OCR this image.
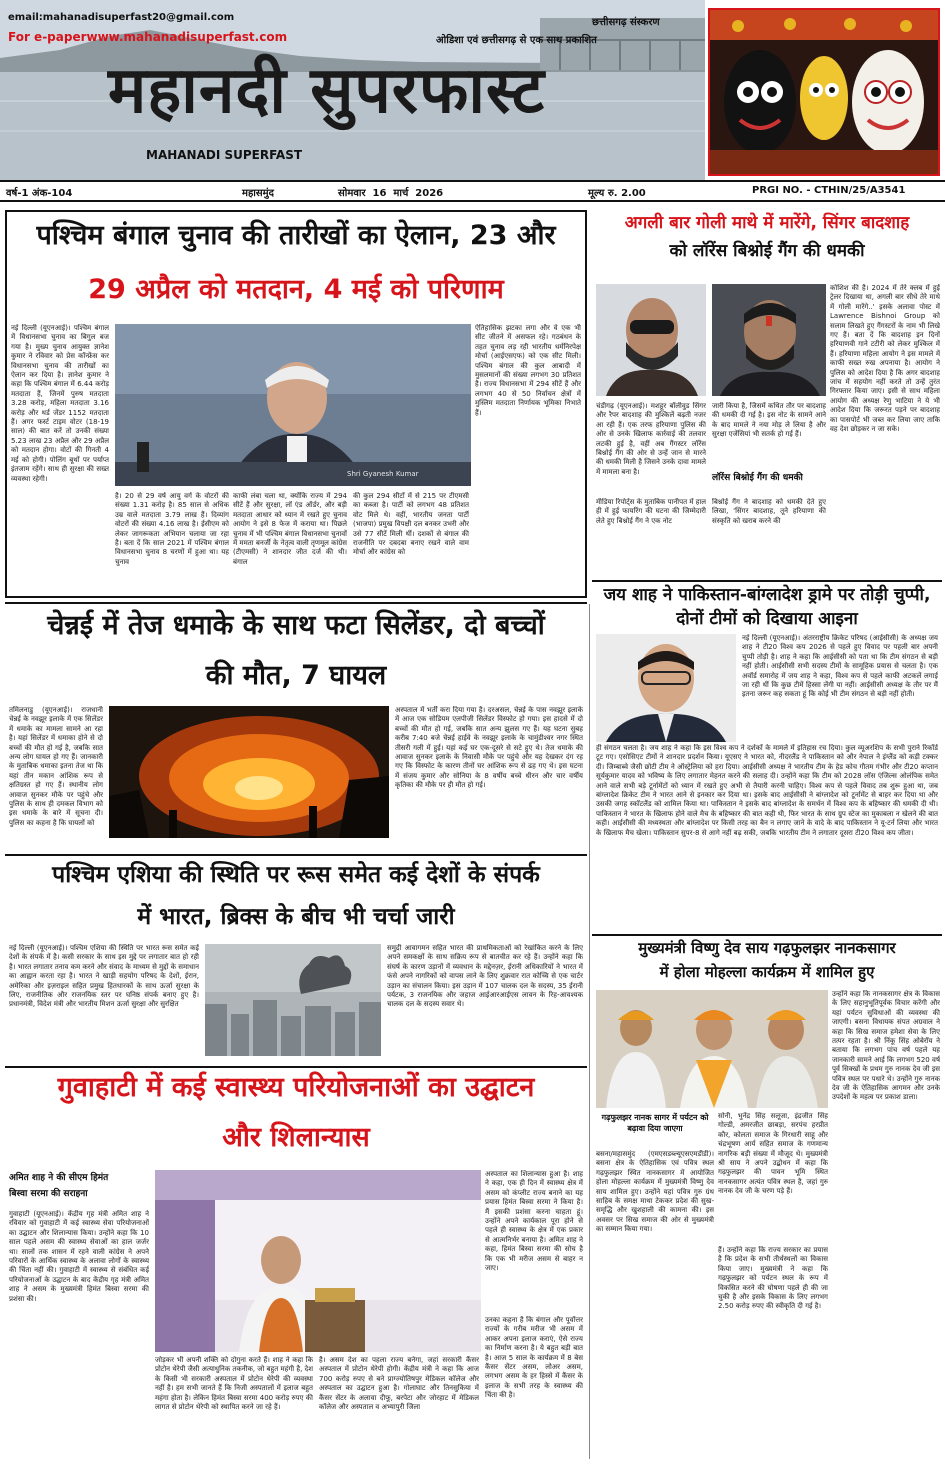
email:mahanadisuperfast20@gmail.com
For e-paperwww.mahanadisuperfast.com
छत्तीसगढ़ संस्करण
ओडिशा एवं छत्तीसगढ़ से एक साथ प्रकाशित
महानदी सुपरफास्ट
MAHANADI SUPERFAST
वर्ष-1 अंक-104	महासमुंद	सोमवार  16  मार्च  2026	मूल्य रु. 2.00	PRGI NO. - CTHIN/25/A3541
पश्चिम बंगाल चुनाव की तारीखों का ऐलान, 23 और
29 अप्रैल को मतदान, 4 मई को परिणाम
नई दिल्ली (यूएनआई)। पश्चिम बंगाल में विधानसभा चुनाव का बिगुल बज गया है। मुख्य चुनाव आयुक्त ज्ञानेश कुमार ने रविवार को प्रेस कॉन्फ्रेंस कर विधानसभा चुनाव की तारीखों का ऐलान कर दिया है। ज्ञानेश कुमार ने कहा कि पश्चिम बंगाल में 6.44 करोड़ मतदाता हैं, जिनमें पुरुष मतदाता 3.28 करोड़, महिला मतदाता 3.16 करोड़ और थर्ड जेंडर 1152 मतदाता हैं। अगर फर्स्ट टाइम वोटर (18-19 साल) की बात करें तो उनकी संख्या 5.23 लाख 23 अप्रैल और 29 अप्रैल को मतदान होगा। वोटों की गिनती 4 मई को होगी। पोलिंग बूथों पर पर्याप्त इंतजाम रहेंगे। साथ ही सुरक्षा की सख्त व्यवस्था रहेगी।
Shri Gyanesh Kumar
है। 20 से 29 वर्ष आयु वर्ग के वोटरों की संख्या 1.31 करोड़ है। 85 साल से अधिक उम्र वाले मतदाता 3.79 लाख हैं। दिव्यांग वोटरों की संख्या 4.16 लाख है। ईसीएम को लेकर जागरूकता अभियान चलाया जा रहा है। बता दें कि साल 2021 में पश्चिम बंगाल विधानसभा चुनाव 8 चरणों में हुआ था। यह चुनाव
काफी लंबा चला था, क्योंकि राज्य में 294 सीटें हैं और सुरक्षा, लॉ एंड ऑर्डर, और बड़ी मतदाता आधार को ध्यान में रखते हुए चुनाव आयोग ने इसे 8 फेज में कराया था। पिछले चुनाव में भी पश्चिम बंगाल विधानसभा चुनावों में ममता बनर्जी के नेतृत्व वाली तृणमूल कांग्रेस (टीएमसी) ने शानदार जीत दर्ज की थी। बंगाल
की कुल 294 सीटों में से 215 पर टीएमसी का कब्जा है। पार्टी को लगभग 48 प्रतिशत वोट मिले थे। वहीं, भारतीय जनता पार्टी (भाजपा) प्रमुख विपक्षी दल बनकर उभरी और उसे 77 सीटें मिली थीं। दशकों से बंगाल की राजनीति पर दबदबा बनाए रखने वाले वाम मोर्चा और कांग्रेस को
ऐतिहासिक झटका लगा और वे एक भी सीट जीतने में असफल रहे। गठबंधन के तहत चुनाव लड़ रही भारतीय धर्मनिरपेक्ष मोर्चा (आईएसएफ) को एक सीट मिली। पश्चिम बंगाल की कुल आबादी में मुसलमानों की संख्या लगभग 30 प्रतिशत है। राज्य विधानसभा में 294 सीटें हैं और लगभग 40 से 50 निर्वाचन क्षेत्रों में मुस्लिम मतदाता निर्णायक भूमिका निभाते हैं।
अगली बार गोली माथे में मारेंगे, सिंगर बादशाह
को लॉरेंस बिश्नोई गैंग की धमकी
कोशिश की है। 2024 में तेरे क्लब में हुई ट्रेलर दिखाया था, अगली बार सीधे तेरे माथे में गोली मारेंगे..' इसके अलावा पोस्ट में Lawrence Bishnoi Group को सलाम लिखते हुए गैंगस्टरों के नाम भी लिखे गए हैं। बता दें कि बादशाह इन दिनों हरियाणवी गाने टटीरी को लेकर मुश्किल में हैं। हरियाणा महिला आयोग ने इस मामले में काफी सख्त रुख अपनाया है। आयोग ने पुलिस को आदेश दिया है कि अगर बादशाह जांच में सहयोग नहीं करते तो उन्हें तुरंत गिरफ्तार किया जाए। इसी से साथ महिला आयोग की अध्यक्ष रेणु भाटिया ने ये भी आदेश दिया कि जरूरत पड़ने पर बादशाह का पासपोर्ट भी जब्त कर लिया जाए ताकि वह देश छोड़कर न जा सके।
चंडीगढ़ (यूएनआई)। मशहूर बॉलीवुड सिंगर और रैपर बादशाह की मुश्किलें बढ़ती नजर आ रही हैं। एक तरफ हरियाणा पुलिस की ओर से उनके खिलाफ कार्रवाई की तलवार लटकी हुई है, वहीं अब गैंगस्टर लॉरेंस बिश्नोई गैंग की ओर से उन्हें जान से मारने की धमकी मिली है जिसने उनके दावा मामले में मामला बना है।
जारी किया है, जिसमें कथित तौर पर बादशाह की धमकी दी गई है। इस नोट के सामने आने के बाद मामले ने नया मोड़ ले लिया है और सुरक्षा एजेंसियां भी सतर्क हो गई हैं।
लॉरेंस बिश्नोई गैंग की धमकी
मीडिया रिपोर्ट्स के मुताबिक पानीपत में हाल ही में हुई फायरिंग की घटना की जिम्मेदारी लेते हुए बिश्नोई गैंग ने एक नोट
बिश्नोई गैंग ने बादशाह को धमकी देते हुए लिखा, 'सिंगर बादशाह, तूने हरियाणा की संस्कृति को खराब करने की
जय शाह ने पाकिस्तान-बांग्लादेश ड्रामे पर तोड़ी चुप्पी,
दोनों टीमों को दिखाया आइना
नई दिल्ली (यूएनआई)। अंतरराष्ट्रीय क्रिकेट परिषद (आईसीसी) के अध्यक्ष जय शाह ने टी20 विश्व कप 2026 से पहले हुए विवाद पर पहली बार अपनी चुप्पी तोड़ी है। शाह ने कहा कि आईसीसी को पता था कि टीम संगठन से बड़ी नहीं होती। आईसीसी सभी सदस्य टीमों के सामूहिक प्रयास से चलता है। एक अवॉर्ड समारोह में जय शाह ने कहा, विश्व कप से पहले काफी अटकलें लगाई जा रही थीं कि कुछ टीमें हिस्सा लेंगी या नहीं। आईसीसी अध्यक्ष के तौर पर मैं इतना जरूर कह सकता हूं कि कोई भी टीम संगठन से बड़ी नहीं होती।
ही संगठन चलता है। जय शाह ने कहा कि इस विश्व कप ने दर्शकों के मामले में इतिहास रच दिया। कुल व्यूअरशिप के सभी पुराने रिकॉर्ड टूट गए। एसोसिएट टीमों ने शानदार प्रदर्शन किया। यूएसए ने भारत को, नीदरलैंड ने पाकिस्तान को और नेपाल ने इंग्लैंड को कड़ी टक्कर दी। जिम्बाब्वे जैसी छोटी टीम ने ऑस्ट्रेलिया को हरा दिया। आईसीसी अध्यक्ष ने भारतीय टीम के हेड कोच गौतम गंभीर और टी20 कप्तान सूर्यकुमार यादव को भविष्य के लिए लगातार मेहनत करने की सलाह दी। उन्होंने कहा कि टीम को 2028 लॉस एंजिल्स ओलंपिक समेत आने वाले सभी बड़े टूर्नामेंटों को ध्यान में रखते हुए अभी से तैयारी करनी चाहिए। विश्व कप से पहले विवाद तब शुरू हुआ था, जब बांग्लादेश क्रिकेट टीम ने भारत आने से इनकार कर दिया था। इसके बाद आईसीसी ने बांग्लादेश को टूर्नामेंट से बाहर कर दिया था और उसकी जगह स्कॉटलैंड को शामिल किया था। पाकिस्तान ने इसके बाद बांग्लादेश के समर्थन में विश्व कप के बहिष्कार की धमकी दी थी। पाकिस्तान ने भारत के खिलाफ होने वाले मैच के बहिष्कार की बात कही थी, फिर भारत के साथ ग्रुप स्टेज का मुकाबला न खेलने की बात कही। आईसीसी की मध्यस्थता और बांग्लादेश पर किसी तरह का बैन न लगाए जाने के वादे के बाद पाकिस्तान ने यू-टर्न लिया और भारत के खिलाफ मैच खेला। पाकिस्तान सुपर-8 से आगे नहीं बढ़ सकी, जबकि भारतीय टीम ने लगातार दूसरा टी20 विश्व कप जीता।
चेन्नई में तेज धमाके के साथ फटा सिलेंडर, दो बच्चों
की मौत, 7 घायल
तमिलनाडु (यूएनआई)। राजधानी चेन्नई के नवझूर इलाके में एक सिलेंडर में धमाके का मामला सामने आ रहा है। यहां सिलेंडर में धमाका होने से दो बच्चों की मौत हो गई है, जबकि सात अन्य लोग घायल हो गए हैं। जानकारी के मुताबिक धमाका इतना तेज था कि यहां तीन मकान आंशिक रूप से क्षतिग्रस्त हो गए हैं। स्थानीय लोग आवाज सुनकर मौके पर पहुंचे और पुलिस के साथ ही दमकल विभाग को इस धमाके के बारे में सूचना दी। पुलिस का कहना है कि घायलों को
अस्पताल में भर्ती करा दिया गया है। दरअसल, चेन्नई के पास नवझूर इलाके में आज एक सोडियम एलपीजी सिलेंडर विस्फोट हो गया। इस हादसे में दो बच्चों की मौत हो गई, जबकि सात अन्य झुलस गए हैं। यह घटना सुबह करीब 7:40 बजे चेन्नई हाईवे के नवझूर इलाके के चामुंडीश्वर नगर स्थित तीसरी गली में हुई। यहां कई घर एक-दूसरे से सटे हुए थे। तेज धमाके की आवाज सुनकर इलाके के निवासी मौके पर पहुंचे और यह देखकर दंग रह गए कि विस्फोट के कारण तीनों घर आंशिक रूप से ढह गए थे। इस घटना में संजय कुमार और सोनिया के 8 वर्षीय बच्चे धीरन और चार वर्षीय कृतिका की मौके पर ही मौत हो गई।
पश्चिम एशिया की स्थिति पर रूस समेत कई देशों के संपर्क
में भारत, ब्रिक्स के बीच भी चर्चा जारी
नई दिल्ली (यूएनआई)। पश्चिम एशिया की स्थिति पर भारत रूस समेत कई देशों के संपर्क में है। कसी सरकार के साथ इस मुद्दे पर लगातार बात हो रही है। भारत लगातार तनाव कम करने और संवाद के माध्यम से मुद्दों के समाधान का आह्वान करता रहा है। भारत ने खाड़ी सहयोग परिषद के देशों, ईरान, अमेरिका और इज़राइल सहित प्रमुख हितधारकों के साथ ऊर्जा सुरक्षा के लिए, राजनीतिक और राजनयिक स्तर पर घनिष्ठ संपर्क बनाए हुए है। प्रधानमंत्री, विदेश मंत्री और भारतीय मिशन ऊर्जा सुरक्षा और सुरक्षित
समुद्री आवागमन सहित भारत की प्राथमिकताओं को रेखांकित करने के लिए अपने समकक्षों के साथ सक्रिय रूप से बातचीत कर रहे हैं। उन्होंने कहा कि संघर्ष के कारण उड़ानों में व्यवधान के मद्देनज़र, ईरानी अधिकारियों ने भारत में फंसे अपने नागरिकों को वापस लाने के लिए शुक्रवार रात कोच्चि से एक चार्टर उड़ान का संचालन किया। इस उड़ान में 107 चालक दल के सदस्य, 35 ईरानी पर्यटक, 3 राजनयिक और जहाज आईआरआईएस लावन के रिह-आवश्यक चालक दल के सदस्य सवार थे।
मुख्यमंत्री विष्णु देव साय गढ़फुलझर नानकसागर
में होला मोहल्ला कार्यक्रम में शामिल हुए
गढ़फुलझर नानक सागर में पर्यटन को बढ़ावा दिया जाएगा
सोनी, भुनेंद्र सिंह सलूजा, इंद्रजीत सिंह गोल्डी, अमरजीत छाबड़ा, सरपंच हरप्रीत कौर, कोलता समाज के गिरधारी साहू और चंद्रभूषण आर्य सहित समाज के गणमान्य नागरिक बड़ी संख्या में मौजूद थे। मुख्यमंत्री श्री साय ने अपने उद्बोधन में कहा कि गढ़फुलझर की पावन भूमि स्थित नानकसागर अत्यंत पवित्र स्थल है, जहां गुरु नानक देव जी के चरण पड़े हैं।
उन्होंने कहा कि नानकसागर क्षेत्र के विकास के लिए सहानुभूतिपूर्वक विचार करेंगी और यहां पर्यटन सुविधाओं की व्यवस्था की जाएगी। बसना विधायक संपत अग्रवाल ने कहा कि सिख समाज हमेशा सेवा के लिए तत्पर रहता है। श्री निंकू सिंह ओबेरॉय ने बताया कि लगभग पांच वर्ष पहले यह जानकारी सामने आई कि लगभग 520 वर्ष पूर्व सिक्खों के प्रथम गुरु नानक देव जी इस पवित्र स्थल पर पधारे थे। उन्होंने गुरु नानक देव जी के ऐतिहासिक आगमन और उनके उपदेशों के महत्व पर प्रकाश डाला।
बसना/महासमुंद (एमएसडब्ल्यूएसएमडीडी)। बसना क्षेत्र के ऐतिहासिक एवं पवित्र स्थल गढ़फुलझर स्थित नानकसागर में आयोजित होला मोहल्ला कार्यक्रम में मुख्यमंत्री विष्णु देव साय शामिल हुए। उन्होंने यहां पवित्र गुरु ग्रंथ साहिब के समक्ष माथा टेककर प्रदेश की सुख-समृद्धि और खुशहाली की कामना की। इस अवसर पर सिख समाज की ओर से मुख्यमंत्री का सम्मान किया गया।
हैं। उन्होंने कहा कि राज्य सरकार का प्रयास है कि प्रदेश के सभी तीर्थस्थलों का विकास किया जाए। मुख्यमंत्री ने कहा कि गढ़फुलझर को पर्यटन स्थल के रूप में विकसित करने की घोषणा पहले ही की जा चुकी है और इसके विकास के लिए लगभग 2.50 करोड़ रुपए की स्वीकृति दी गई है।
गुवाहाटी में कई स्वास्थ्य परियोजनाओं का उद्घाटन
और शिलान्यास
अमित शाह ने की सीएम हिमंत
बिस्वा सरमा की सराहना
गुवाहाटी (यूएनआई)। केंद्रीय गृह मंत्री अमित शाह ने रविवार को गुवाहाटी में कई स्वास्थ्य सेवा परियोजनाओं का उद्घाटन और शिलान्यास किया। उन्होंने कहा कि 10 साल पहले असम की स्वास्थ्य सेवाओं का हाल जर्जर था। सालों तक शासन में रहने वाली कांग्रेस ने अपने परिवारों के आर्थिक स्वास्थ्य के अलावा लोगों के स्वास्थ्य की चिंता नहीं की। गुवाहाटी में स्वास्थ्य से संबंधित कई परियोजनाओं के उद्घाटन के बाद केंद्रीय गृह मंत्री अमित शाह ने असम के मुख्यमंत्री हिमंत बिस्वा सरमा की प्रशंसा की।
जोड़कर भी अपनी शक्ति को दोगुना करते हैं। शाह ने कहा कि प्रोटोन थेरेपी जैसी अत्याधुनिक तकनीक, जो बहुत महंगी है, देश के किसी भी सरकारी अस्पताल में प्रोटोन थेरेपी की व्यवस्था नहीं है। हम सभी जानते हैं कि निजी अस्पतालों में इलाज बहुत महंगा होता है। लेकिन हिमंत बिस्वा सरमा 400 करोड़ रुपए की लागत से प्रोटोन थेरेपी को स्थापित करने जा रहे हैं।
है। असम देश का पहला राज्य बनेगा, जहां सरकारी कैंसर अस्पताल में प्रोटोन थेरेपी होगी। केंद्रीय मंत्री ने कहा कि आज 700 करोड़ रुपए से बने प्राग्ज्योतिषपुर मेडिकल कॉलेज और अस्पताल का उद्घाटन हुआ है। गोलाघाट और तिनसुकिया में कैंसर सेंटर के अलावा दीफू, बरपेटा और जोरहाट में मेडिकल कॉलेज और अस्पताल व अभ्यापुरी जिला
अस्पताल का शिलान्यास हुआ है। शाह ने कहा, एक ही दिन में स्वास्थ्य क्षेत्र में असम को कंप्लीट राज्य बनाने का यह प्रयास हिमंत बिस्वा सरमा ने किया है। मैं इसकी प्रशंसा करना चाहता हूं। उन्होंने अपने कार्यकाल पूरा होने से पहले ही स्वास्थ्य के क्षेत्र में एक प्रकार से आत्मनिर्भर बनाया है। अमित शाह ने कहा, हिमंत बिस्वा सरमा की सोच है कि एक भी मरीज असम से बाहर न जाए।
उनका कहना है कि बंगाल और पूर्वोत्तर राज्यों के गरीब मरीज भी असम में आकर अपना इलाज कराएं, ऐसे राज्य का निर्माण करना है। ये बहुत बड़ी बात है। आज 5 साल के कार्यक्रम में 8 बेस कैंसर सेंटर असम, लोअर असम, लगभग असम के हर हिस्से में कैंसर के इलाज के सभी तरह के स्वास्थ्य की चिंता की है।
